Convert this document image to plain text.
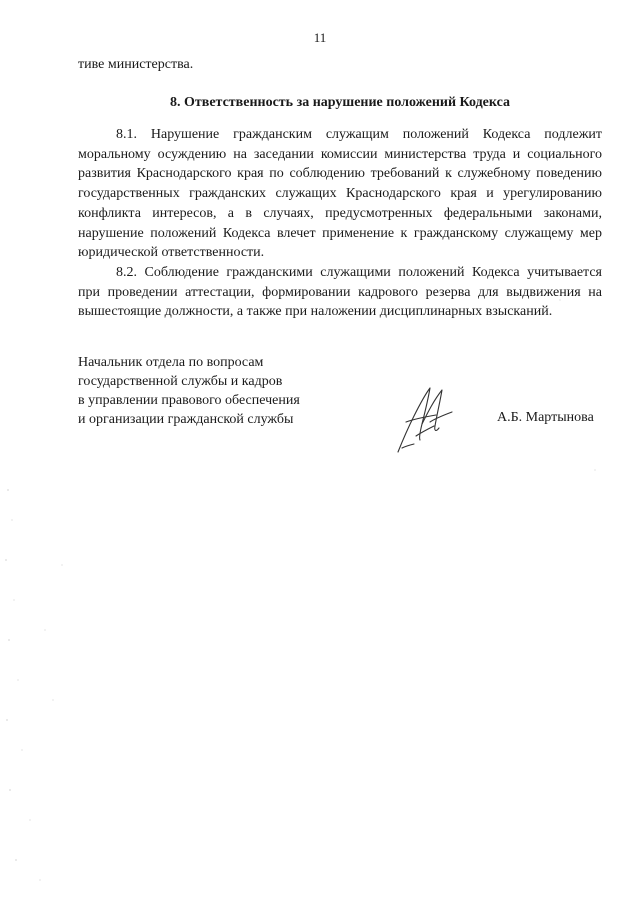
11
тиве министерства.
8. Ответственность за нарушение положений Кодекса

8.1. Нарушение гражданским служащим положений Кодекса подлежит моральному осуждению на заседании комиссии министерства труда и социального развития Краснодарского края по соблюдению требований к служебному поведению государственных гражданских служащих Краснодарского края и урегулированию конфликта интересов, а в случаях, предусмотренных федеральными законами, нарушение положений Кодекса влечет применение к гражданскому служащему мер юридической ответственности.

8.2. Соблюдение гражданскими служащими положений Кодекса учитывается при проведении аттестации, формировании кадрового резерва для выдвижения на вышестоящие должности, а также при наложении дисциплинарных взысканий.

Начальник отдела по вопросам
государственной службы и кадров
в управлении правового обеспечения
и организации гражданской службы	А.Б. Мартынова
